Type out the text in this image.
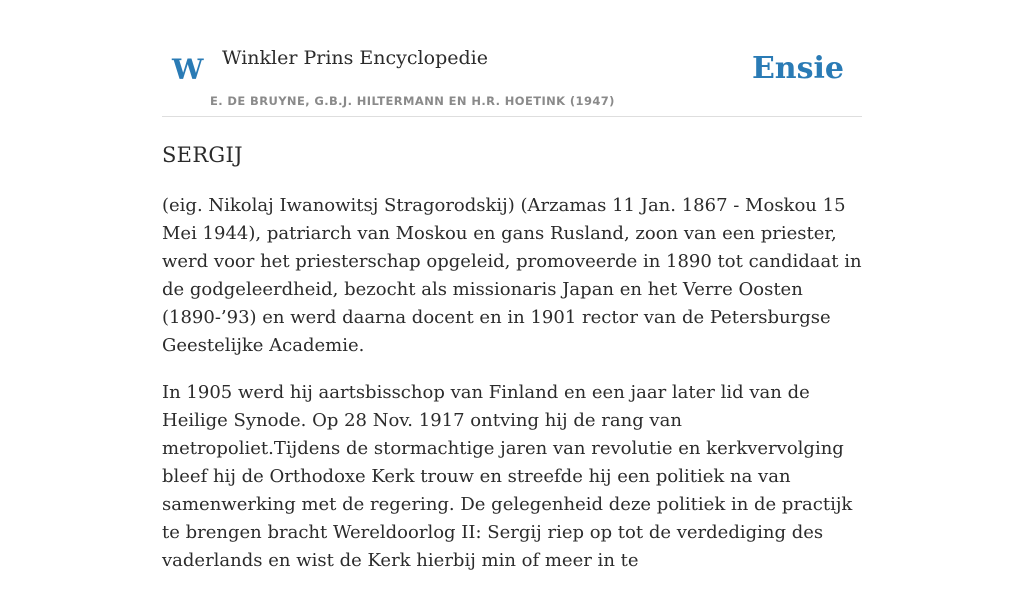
W Winkler Prins Encyclopedie
E. DE BRUYNE, G.B.J. HILTERMANN EN H.R. HOETINK (1947)
Ensie
SERGIJ

(eig. Nikolaj Iwanowitsj Stragorodskij) (Arzamas 11 Jan. 1867 - Moskou 15 Mei 1944), patriarch van Moskou en gans Rusland, zoon van een priester, werd voor het priesterschap opgeleid, promoveerde in 1890 tot candidaat in de godgeleerdheid, bezocht als missionaris Japan en het Verre Oosten (1890-’93) en werd daarna docent en in 1901 rector van de Petersburgse Geestelijke Academie.

In 1905 werd hij aartsbisschop van Finland en een jaar later lid van de Heilige Synode. Op 28 Nov. 1917 ontving hij de rang van metropoliet.Tijdens de stormachtige jaren van revolutie en kerkvervolging bleef hij de Orthodoxe Kerk trouw en streefde hij een politiek na van samenwerking met de regering. De gelegenheid deze politiek in de practijk te brengen bracht Wereldoorlog II: Sergij riep op tot de verdediging des vaderlands en wist de Kerk hierbij min of meer in te
